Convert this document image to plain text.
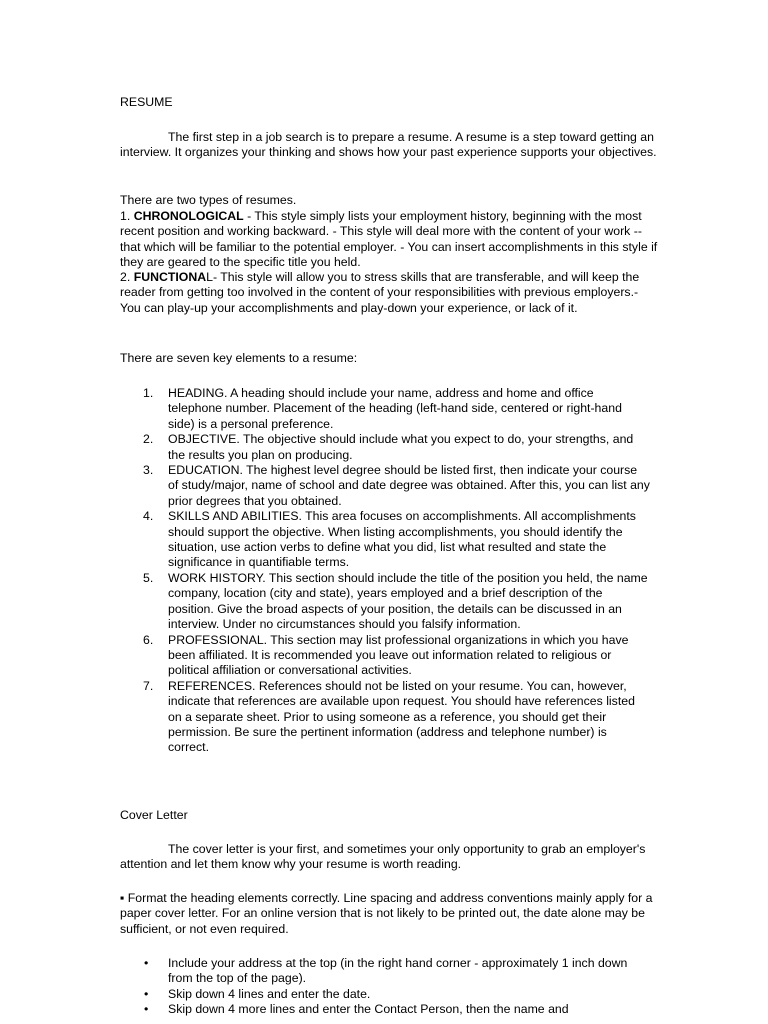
RESUME

The first step in a job search is to prepare a resume. A resume is a step toward getting an interview. It organizes your thinking and shows how your past experience supports your objectives.

There are two types of resumes.

1. CHRONOLOGICAL - This style simply lists your employment history, beginning with the most recent position and working backward. - This style will deal more with the content of your work -- that which will be familiar to the potential employer. - You can insert accomplishments in this style if they are geared to the specific title you held.

2. FUNCTIONAL- This style will allow you to stress skills that are transferable, and will keep the reader from getting too involved in the content of your responsibilities with previous employers.- You can play-up your accomplishments and play-down your experience, or lack of it.

There are seven key elements to a resume:

1.	HEADING. A heading should include your name, address and home and office telephone number. Placement of the heading (left-hand side, centered or right-hand side) is a personal preference.
2.	OBJECTIVE. The objective should include what you expect to do, your strengths, and the results you plan on producing.
3.	EDUCATION. The highest level degree should be listed first, then indicate your course of study/major, name of school and date degree was obtained. After this, you can list any prior degrees that you obtained.
4.	SKILLS AND ABILITIES. This area focuses on accomplishments. All accomplishments should support the objective. When listing accomplishments, you should identify the situation, use action verbs to define what you did, list what resulted and state the significance in quantifiable terms.
5.	WORK HISTORY. This section should include the title of the position you held, the name company, location (city and state), years employed and a brief description of the position. Give the broad aspects of your position, the details can be discussed in an interview. Under no circumstances should you falsify information.
6.	PROFESSIONAL. This section may list professional organizations in which you have been affiliated. It is recommended you leave out information related to religious or political affiliation or conversational activities.
7.	REFERENCES. References should not be listed on your resume. You can, however, indicate that references are available upon request. You should have references listed on a separate sheet. Prior to using someone as a reference, you should get their permission. Be sure the pertinent information (address and telephone number) is correct.

Cover Letter

The cover letter is your first, and sometimes your only opportunity to grab an employer's attention and let them know why your resume is worth reading.

▪ Format the heading elements correctly. Line spacing and address conventions mainly apply for a paper cover letter. For an online version that is not likely to be printed out, the date alone may be sufficient, or not even required.

• Include your address at the top (in the right hand corner - approximately 1 inch down from the top of the page).
• Skip down 4 lines and enter the date.
• Skip down 4 more lines and enter the Contact Person, then the name and
